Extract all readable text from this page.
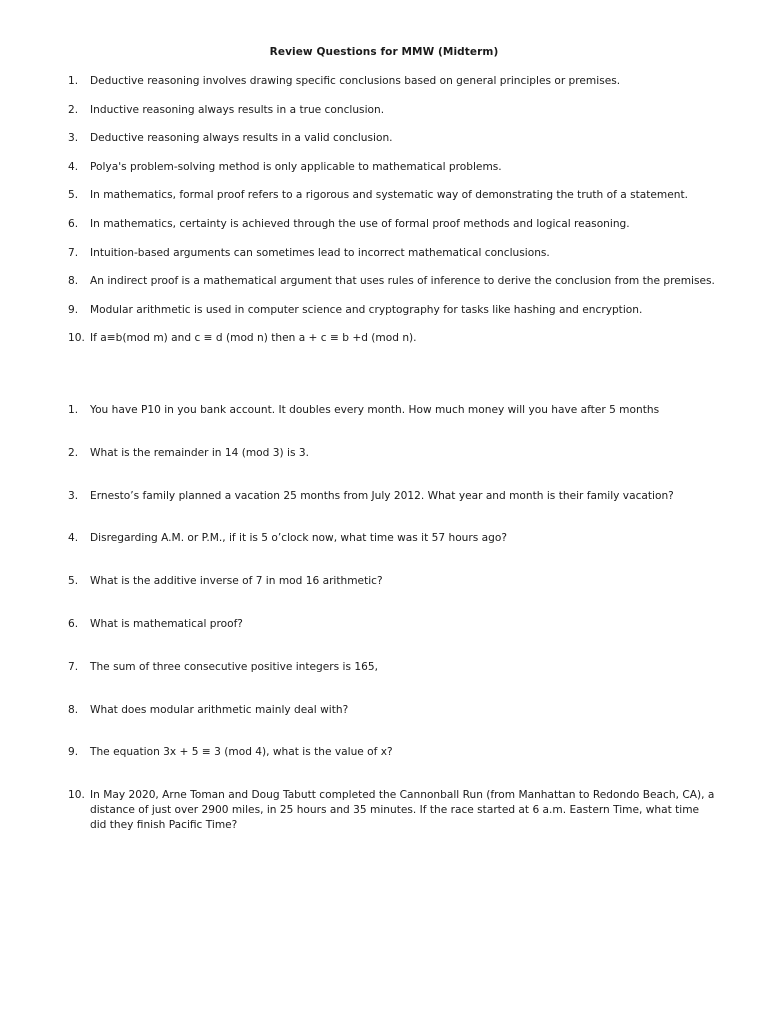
Review Questions for MMW (Midterm)
1.	Deductive reasoning involves drawing specific conclusions based on general principles or premises.
2.	Inductive reasoning always results in a true conclusion.
3.	Deductive reasoning always results in a valid conclusion.
4.	Polya's problem-solving method is only applicable to mathematical problems.
5.	In mathematics, formal proof refers to a rigorous and systematic way of demonstrating the truth of a statement.
6.	In mathematics, certainty is achieved through the use of formal proof methods and logical reasoning.
7.	Intuition-based arguments can sometimes lead to incorrect mathematical conclusions.
8.	An indirect proof is a mathematical argument that uses rules of inference to derive the conclusion from the premises.
9.	Modular arithmetic is used in computer science and cryptography for tasks like hashing and encryption.
10. If a≡b(mod m) and c ≡ d (mod n) then a + c ≡ b +d (mod n).
1.	You have P10 in you bank account. It doubles every month. How much money will you have after 5 months
2.	What is the remainder in 14 (mod 3) is 3.
3.	Ernesto’s family planned a vacation 25 months from July 2012. What year and month is their family vacation?
4.	Disregarding A.M. or P.M., if it is 5 o’clock now, what time was it 57 hours ago?
5.	What is the additive inverse of 7 in mod 16 arithmetic?
6.	What is mathematical proof?
7.	The sum of three consecutive positive integers is 165,
8.	What does modular arithmetic mainly deal with?
9.	The equation 3x + 5 ≡ 3 (mod 4), what is the value of x?
10. In May 2020, Arne Toman and Doug Tabutt completed the Cannonball Run (from Manhattan to Redondo Beach, CA), a distance of just over 2900 miles, in 25 hours and 35 minutes. If the race started at 6 a.m. Eastern Time, what time did they finish Pacific Time?
